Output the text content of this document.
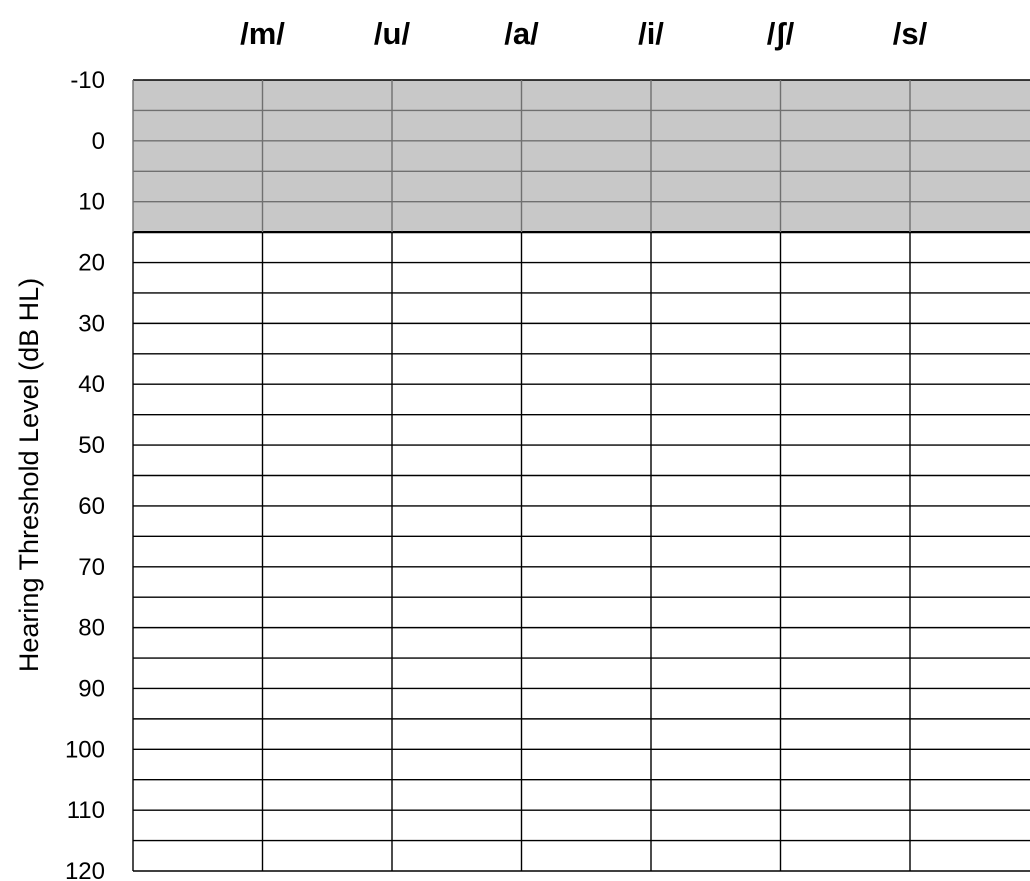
/m/	/u/	/a/	/i/	/ʃ/	/s/
-10
0
10
20
30
40
50
60
70
80
90
100
110
120
Hearing Threshold Level (dB HL)
